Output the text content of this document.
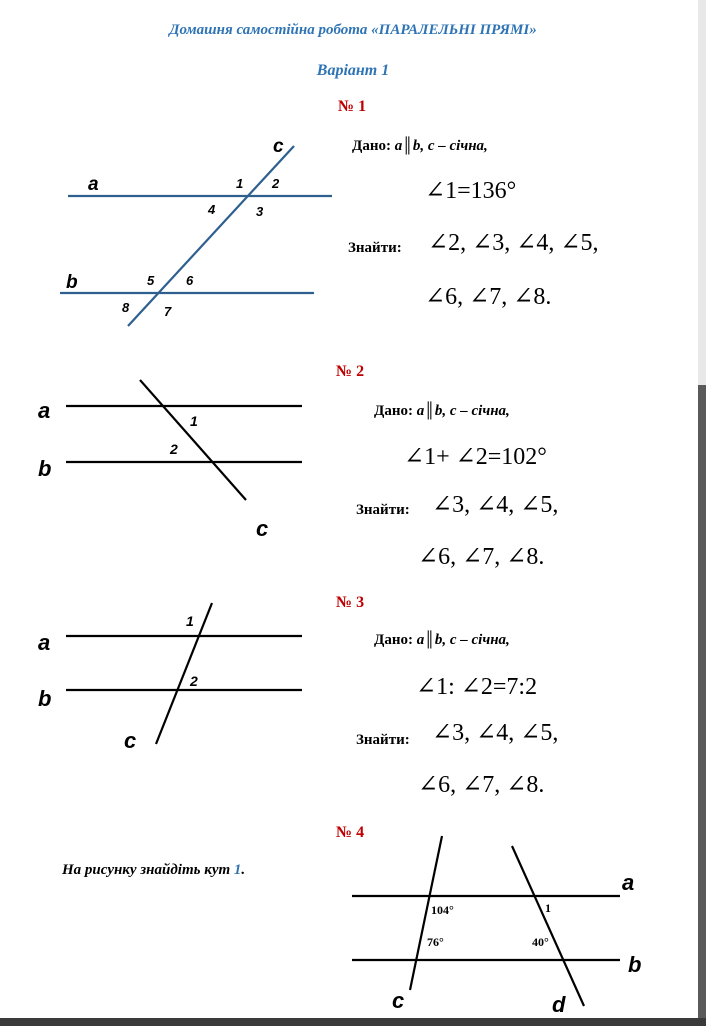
Домашня самостійна робота «ПАРАЛЕЛЬНІ ПРЯМІ»
Варіант 1
№ 1
Дано: a║b, c – січна,
∠1=136°
Знайти: ∠2, ∠3, ∠4, ∠5,
∠6, ∠7, ∠8.
№ 2
Дано: a║b, c – січна,
∠1+ ∠2=102°
Знайти: ∠3, ∠4, ∠5,
∠6, ∠7, ∠8.
№ 3
Дано: a║b, c – січна,
∠1: ∠2=7:2
Знайти: ∠3, ∠4, ∠5,
∠6, ∠7, ∠8.
№ 4
На рисунку знайдіть кут 1.
a
b
c
1 2
3
4
5 6
7
8
a
b
c
1
2
a
b
c
1
2
a
b
c	d
104°
76°	40°
1
